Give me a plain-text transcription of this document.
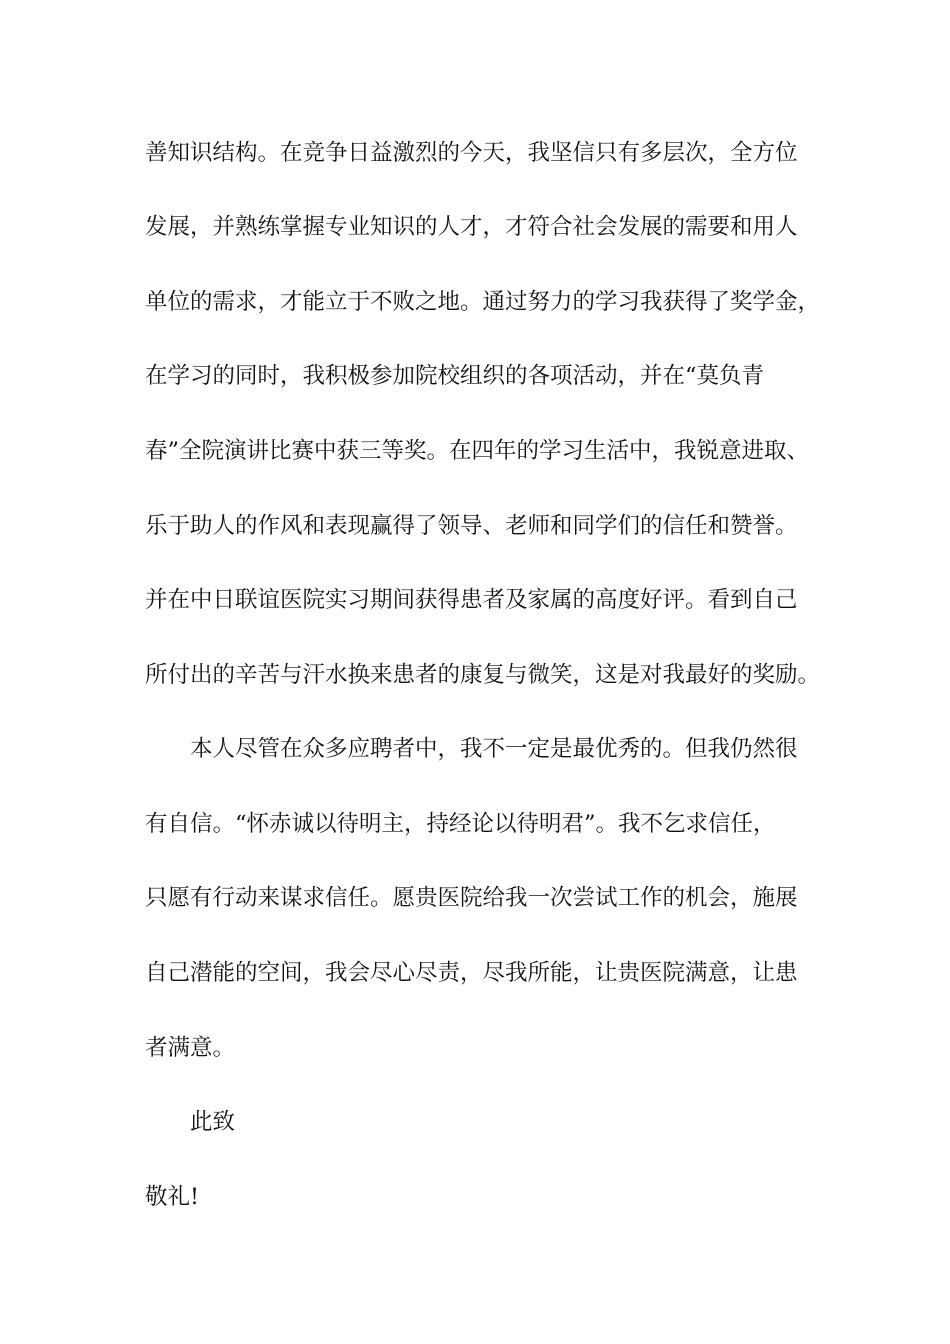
善知识结构。在竞争日益激烈的今天，我坚信只有多层次，全方位
发展，并熟练掌握专业知识的人才，才符合社会发展的需要和用人
单位的需求，才能立于不败之地。通过努力的学习我获得了奖学金，
在学习的同时，我积极参加院校组织的各项活动，并在“莫负青
春”全院演讲比赛中获三等奖。在四年的学习生活中，我锐意进取、
乐于助人的作风和表现赢得了领导、老师和同学们的信任和赞誉。
并在中日联谊医院实习期间获得患者及家属的高度好评。看到自己
所付出的辛苦与汗水换来患者的康复与微笑，这是对我最好的奖励。
本人尽管在众多应聘者中，我不一定是最优秀的。但我仍然很
有自信。“怀赤诚以待明主，持经论以待明君”。我不乞求信任，
只愿有行动来谋求信任。愿贵医院给我一次尝试工作的机会，施展
自己潜能的空间，我会尽心尽责，尽我所能，让贵医院满意，让患
者满意。
此致
敬礼!
